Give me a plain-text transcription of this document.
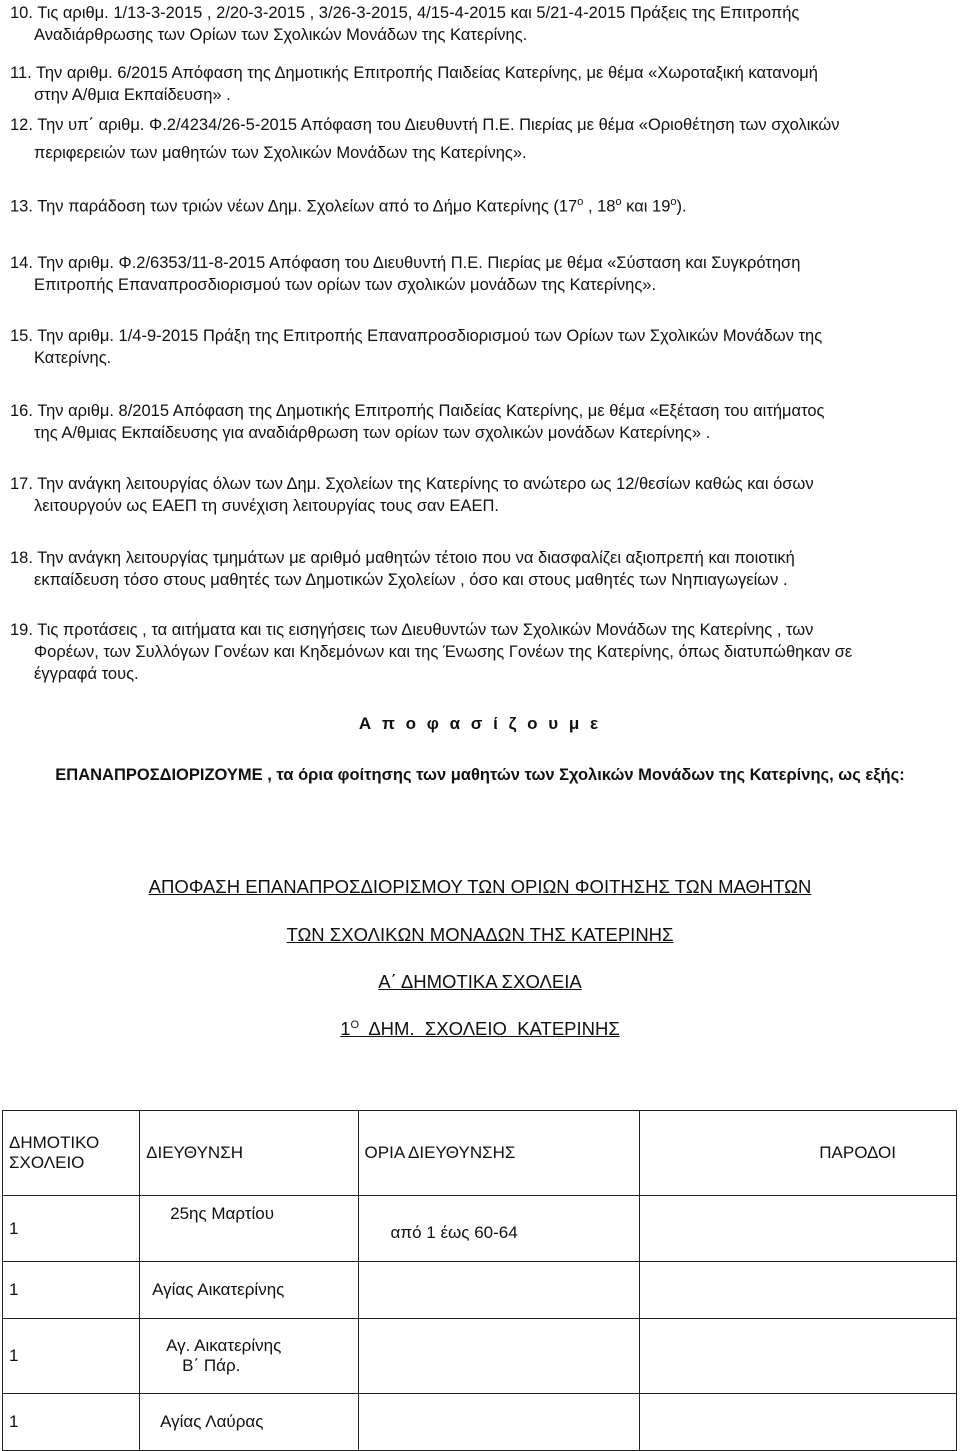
10. Τις αριθμ. 1/13-3-2015 , 2/20-3-2015 , 3/26-3-2015, 4/15-4-2015 και 5/21-4-2015 Πράξεις της Επιτροπής
Αναδιάρθρωσης των Ορίων των Σχολικών Μονάδων της Κατερίνης.
11. Την αριθμ. 6/2015 Απόφαση της Δημοτικής Επιτροπής Παιδείας Κατερίνης, με θέμα «Χωροταξική κατανομή
στην Α/θμια Εκπαίδευση» .
12. Την υπ΄ αριθμ. Φ.2/4234/26-5-2015 Απόφαση του Διευθυντή Π.Ε. Πιερίας με θέμα «Οριοθέτηση των σχολικών
περιφερειών των μαθητών των Σχολικών Μονάδων της Κατερίνης».
13. Την παράδοση των τριών νέων Δημ. Σχολείων από το Δήμο Κατερίνης ($17^o$ , $18^o$ και $19^o$).
14. Την αριθμ. Φ.2/6353/11-8-2015 Απόφαση του Διευθυντή Π.Ε. Πιερίας με θέμα «Σύσταση και Συγκρότηση
Επιτροπής Επαναπροσδιορισμού των ορίων των σχολικών μονάδων της Κατερίνης».
15. Την αριθμ. 1/4-9-2015 Πράξη της Επιτροπής Επαναπροσδιορισμού των Ορίων των Σχολικών Μονάδων της
Κατερίνης.
16. Την αριθμ. 8/2015 Απόφαση της Δημοτικής Επιτροπής Παιδείας Κατερίνης, με θέμα «Εξέταση του αιτήματος
της Α/θμιας Εκπαίδευσης για αναδιάρθρωση των ορίων των σχολικών μονάδων Κατερίνης» .
17. Την ανάγκη λειτουργίας όλων των Δημ. Σχολείων της Κατερίνης το ανώτερο ως 12/θεσίων καθώς και όσων
λειτουργούν ως ΕΑΕΠ τη συνέχιση λειτουργίας τους σαν ΕΑΕΠ.
18. Την ανάγκη λειτουργίας τμημάτων με αριθμό μαθητών τέτοιο που να διασφαλίζει αξιοπρεπή και ποιοτική
εκπαίδευση τόσο στους μαθητές των Δημοτικών Σχολείων , όσο και στους μαθητές των Νηπιαγωγείων .
19. Τις προτάσεις , τα αιτήματα και τις εισηγήσεις των Διευθυντών των Σχολικών Μονάδων της Κατερίνης , των
Φορέων, των Συλλόγων Γονέων και Κηδεμόνων και της Ένωσης Γονέων της Κατερίνης, όπως διατυπώθηκαν σε
έγγραφά τους.
Α π ο φ α σ ί ζ ο υ μ ε
ΕΠΑΝΑΠΡΟΣΔΙΟΡΙΖΟΥΜΕ , τα όρια φοίτησης των μαθητών των Σχολικών Μονάδων της Κατερίνης, ως εξής:
ΑΠΟΦΑΣΗ ΕΠΑΝΑΠΡΟΣΔΙΟΡΙΣΜΟΥ ΤΩΝ ΟΡΙΩΝ ΦΟΙΤΗΣΗΣ ΤΩΝ ΜΑΘΗΤΩΝ
ΤΩΝ ΣΧΟΛΙΚΩΝ ΜΟΝΑΔΩΝ ΤΗΣ ΚΑΤΕΡΙΝΗΣ
Α΄ ΔΗΜΟΤΙΚΑ ΣΧΟΛΕΙΑ
$1^O$  ΔΗΜ.  ΣΧΟΛΕΙΟ  ΚΑΤΕΡΙΝΗΣ
ΔΗΜΟΤΙΚΟ
ΣΧΟΛΕΙΟ	ΔΙΕΥΘΥΝΣΗ	ΟΡΙΑ ΔΙΕΥΘΥΝΣΗΣ	ΠΑΡΟΔΟΙ
1	25ης Μαρτίου	από 1 έως 60-64	
1	Αγίας Αικατερίνης		
1	Αγ. Αικατερίνης
Β΄ Πάρ.		

1	Αγίας Λαύρας		
